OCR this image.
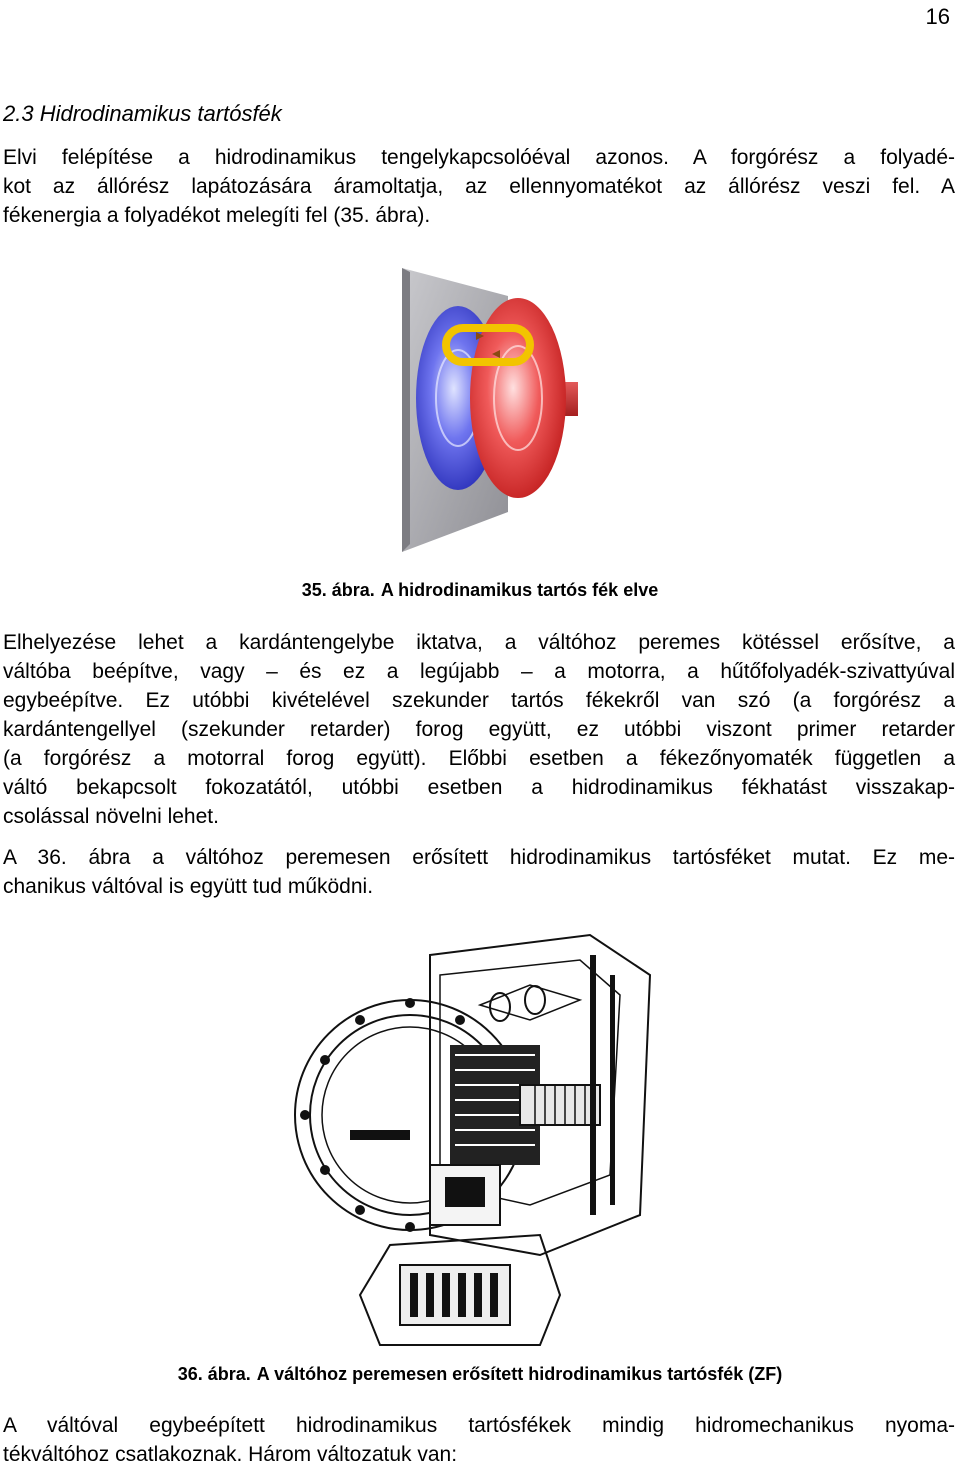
16
2.3 Hidrodinamikus tartósfék

Elvi felépítése a hidrodinamikus tengelykapcsolóéval azonos. A forgórész a folyadé-
kot az állórész lapátozására áramoltatja, az ellennyomatékot az állórész veszi fel. A
fékenergia a folyadékot melegíti fel (35. ábra).

35. ábra. A hidrodinamikus tartós fék elve

Elhelyezése lehet a kardántengelybe iktatva, a váltóhoz peremes kötéssel erősítve, a
váltóba beépítve, vagy – és ez a legújabb – a motorra, a hűtőfolyadék-szivattyúval
egybeépítve. Ez utóbbi kivételével szekunder tartós fékekről van szó (a forgórész a
kardántengellyel (szekunder retarder) forog együtt, ez utóbbi viszont primer retarder
(a forgórész a motorral forog együtt). Előbbi esetben a fékezőnyomaték független a
váltó bekapcsolt fokozatától, utóbbi esetben a hidrodinamikus fékhatást visszakap-
csolással növelni lehet.

A 36. ábra a váltóhoz peremesen erősített hidrodinamikus tartósféket mutat. Ez me-
chanikus váltóval is együtt tud működni.

36. ábra. A váltóhoz peremesen erősített hidrodinamikus tartósfék (ZF)

A váltóval egybeépített hidrodinamikus tartósfékek mindig hidromechanikus nyoma-
tékváltóhoz csatlakoznak. Három változatuk van:
